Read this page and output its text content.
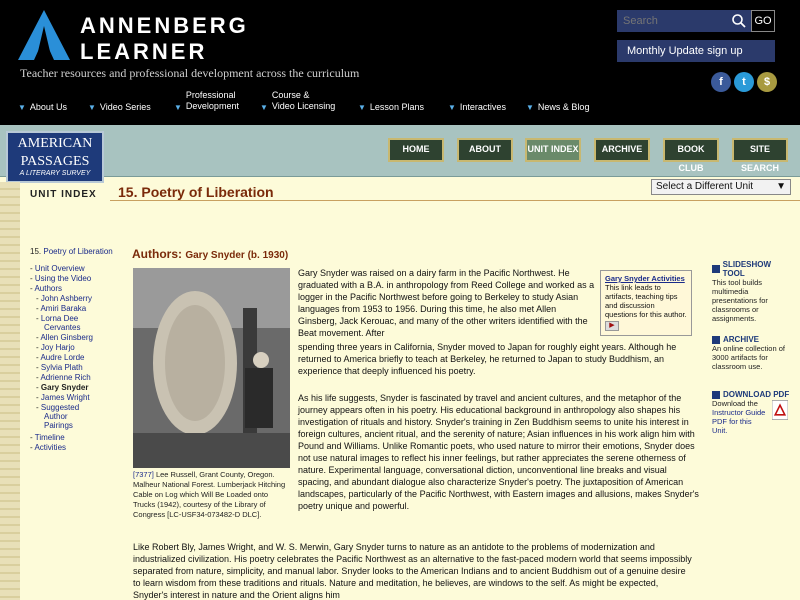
ANNENBERG
LEARNER
Teacher resources and professional development across the curriculum
Search
GO
Monthly Update sign up
f	t	$
▼ About Us	▼ Video Series	▼
Professional
Development	▼
Course &
Video Licensing	▼ Lesson Plans	▼ Interactives	▼ News & Blog
AMERICAN
PASSAGES
A LITERARY SURVEY
HOME	ABOUT	UNIT INDEX	ARCHIVE	BOOK CLUB
SITE SEARCH
UNIT INDEX 15. Poetry of Liberation	Select a Different Unit ▼
15. Poetry of Liberation
- Unit Overview
- Using the Video
- Authors
- John Ashberry
- Amiri Baraka
- Lorna Dee
Cervantes
- Allen Ginsberg
- Joy Harjo
- Audre Lorde
- Sylvia Plath
- Adrienne Rich
- Gary Snyder
- James Wright
- Suggested
Author
Pairings
- Timeline
- Activities
Authors: Gary Snyder (b. 1930)
[7377] Lee Russell, Grant County, Oregon. Malheur National Forest. Lumberjack Hitching Cable on Log which Will Be Loaded onto Trucks (1942), courtesy of the Library of Congress [LC-USF34-073482-D DLC].
Gary Snyder was raised on a dairy farm in the Pacific Northwest. He graduated with a B.A. in anthropology from Reed College and worked as a logger in the Pacific Northwest before going to Berkeley to study Asian languages from 1953 to 1956. During this time, he also met Allen Ginsberg, Jack Kerouac, and many of the other writers identified with the Beat movement. After
spending three years in California, Snyder moved to Japan for roughly eight years. Although he returned to America briefly to teach at Berkeley, he returned to Japan to study Buddhism, an experience that deeply influenced his poetry.
As his life suggests, Snyder is fascinated by travel and ancient cultures, and the metaphor of the journey appears often in his poetry. His educational background in anthropology also shapes his investigation of rituals and history. Snyder's training in Zen Buddhism seems to unite his interest in foreign cultures, ancient ritual, and the serenity of nature; Asian influences in his work align him with Pound and Williams. Unlike Romantic poets, who used nature to mirror their emotions, Snyder does not use natural images to reflect his inner feelings, but rather appreciates the serene otherness of nature. Experimental language, conversational diction, unconventional line breaks and visual spacing, and abundant dialogue also characterize Snyder's poetry. The juxtaposition of American landscapes, particularly of the Pacific Northwest, with Eastern images and allusions, makes Snyder's poetry unique and powerful.
Like Robert Bly, James Wright, and W. S. Merwin, Gary Snyder turns to nature as an antidote to the problems of modernization and industrialized civilization. His poetry celebrates the Pacific Northwest as an alternative to the fast-paced modern world that seems impossibly separated from nature, simplicity, and manual labor. Snyder looks to the American Indians and to ancient Buddhism out of a genuine desire to learn wisdom from these traditions and rituals. Nature and meditation, he believes, are windows to the self. As might be expected, Snyder's interest in nature and the Orient aligns him
Gary Snyder Activities
This link leads to artifacts, teaching tips and discussion questions for this author.
▶
SLIDESHOW TOOL
This tool builds multimedia presentations for classrooms or assignments.
ARCHIVE
An online collection of 3000 artifacts for classroom use.
DOWNLOAD PDF
Download the Instructor Guide PDF for this Unit.
